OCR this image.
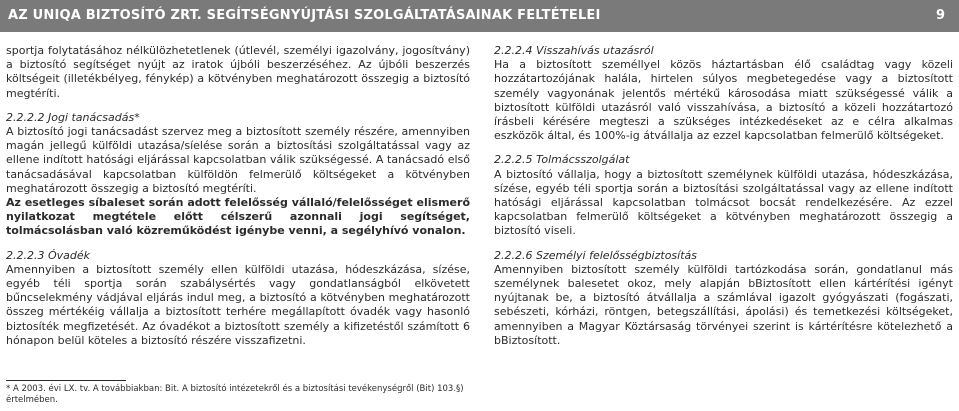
AZ UNIQA BIZTOSÍTÓ ZRT. SEGÍTSÉGNYÚJTÁSI SZOLGÁLTATÁSAINAK FELTÉTELEI	9

sportja folytatásához nélkülözhetetlenek (útlevél, személyi igazolvány, jogosítvány) a biztosító segítséget nyújt az iratok újbóli beszerzéséhez. Az újbóli beszerzés költségeit (illetékbélyeg, fénykép) a kötvényben meghatározott összegig a biztosító megtéríti.

2.2.2.2 Jogi tanácsadás*

A biztosító jogi tanácsadást szervez meg a biztosított személy részére, amennyiben magán jellegű külföldi utazása/síelése során a biztosítási szolgáltatással vagy az ellene indított hatósági eljárással kapcsolatban válik szükségessé. A tanácsadó első tanácsadásával kapcsolatban külföldön felmerülő költségeket a kötvényben meghatározott összegig a biztosító megtéríti.

Az esetleges síbaleset során adott felelősség vállaló/felelősséget elismerő nyilatkozat megtétele előtt célszerű azonnali jogi segítséget, tolmácsolásban való közreműködést igénybe venni, a segélyhívó vonalon.

2.2.2.3 Óvadék

Amennyiben a biztosított személy ellen külföldi utazása, hódeszkázása, sízése, egyéb téli sportja során szabálysértés vagy gondatlanságból elkövetett bűncselekmény vádjával eljárás indul meg, a biztosító a kötvényben meghatározott összeg mértékéig vállalja a biztosított terhére megállapított óvadék vagy hasonló biztosíték megfizetését. Az óvadékot a biztosított személy a kifizetéstől számított 6 hónapon belül köteles a biztosító részére visszafizetni.

2.2.2.4 Visszahívás utazásról

Ha a biztosított személlyel közös háztartásban élő családtag vagy közeli hozzátartozójának halála, hirtelen súlyos megbetegedése vagy a biztosított személy vagyonának jelentős mértékű károsodása miatt szükségessé válik a biztosított külföldi utazásról való visszahívása, a biztosító a közeli hozzátartozó írásbeli kérésére megteszi a szükséges intézkedéseket az e célra alkalmas eszközök által, és 100%-ig átvállalja az ezzel kapcsolatban felmerülő költségeket.

2.2.2.5 Tolmácsszolgálat

A biztosító vállalja, hogy a biztosított személynek külföldi utazása, hódeszkázása, sízése, egyéb téli sportja során a biztosítási szolgáltatással vagy az ellene indított hatósági eljárással kapcsolatban tolmácsot bocsát rendelkezésére. Az ezzel kapcsolatban felmerülő költségeket a kötvényben meghatározott összegig a biztosító viseli.

2.2.2.6 Személyi felelősségbiztosítás

Amennyiben biztosított személy külföldi tartózkodása során, gondatlanul más személynek balesetet okoz, mely alapján bBiztosított ellen kártérítési igényt nyújtanak be, a biztosító átvállalja a számlával igazolt gyógyászati (fogászati, sebészeti, kórházi, röntgen, betegszállítási, ápolási) és temetkezési költségeket, amennyiben a Magyar Köztársaság törvényei szerint is kártérítésre kötelezhető a bBiztosított.

* A 2003. évi LX. tv. A továbbiakban: Bit. A biztosító intézetekről és a biztosítási tevékenységről (Bit) 103.§) értelmében.
